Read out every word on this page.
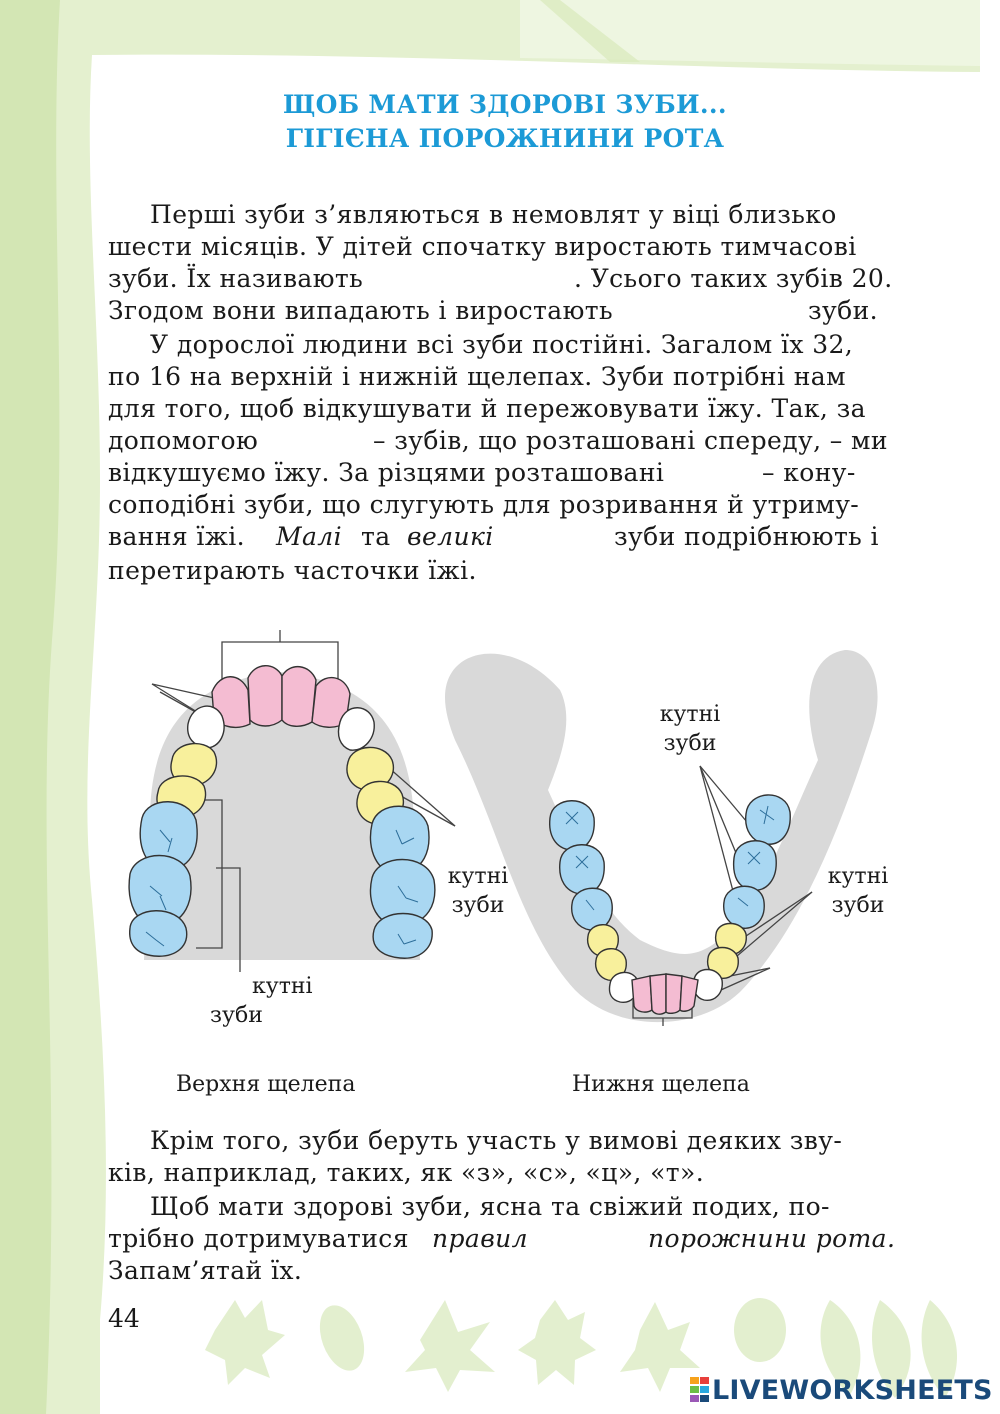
ЩОБ МАТИ ЗДОРОВІ ЗУБИ...
ГІГІЄНА ПОРОЖНИНИ РОТА
Перші зуби з’являються в немовлят у віці близько
шести місяців. У дітей спочатку виростають тимчасові
зуби. Їх називають	. Усього таких зубів 20.
Згодом вони випадають і виростають	зуби.
У дорослої людини всі зуби постійні. Загалом їх 32,
по 16 на верхній і нижній щелепах. Зуби потрібні нам
для того, щоб відкушувати й пережовувати їжу. Так, за
допомогою	– зубів, що розташовані спереду, – ми
відкушуємо їжу. За різцями розташовані	– кону-
соподібні зуби, що слугують для розривання й утриму-
вання їжі. Малі та великі	зуби подрібнюють і
перетирають часточки їжі.
кутні
зуби
кутні
зуби
кутні
зуби
кутні
зуби
Верхня щелепа	Нижня щелепа
Крім того, зуби беруть участь у вимові деяких зву-
ків, наприклад, таких, як «з», «с», «ц», «т».
Щоб мати здорові зуби, ясна та свіжий подих, по-
трібно дотримуватися правил	порожнини рота.
Запам’ятай їх.
44
LIVEWORKSHEETS
